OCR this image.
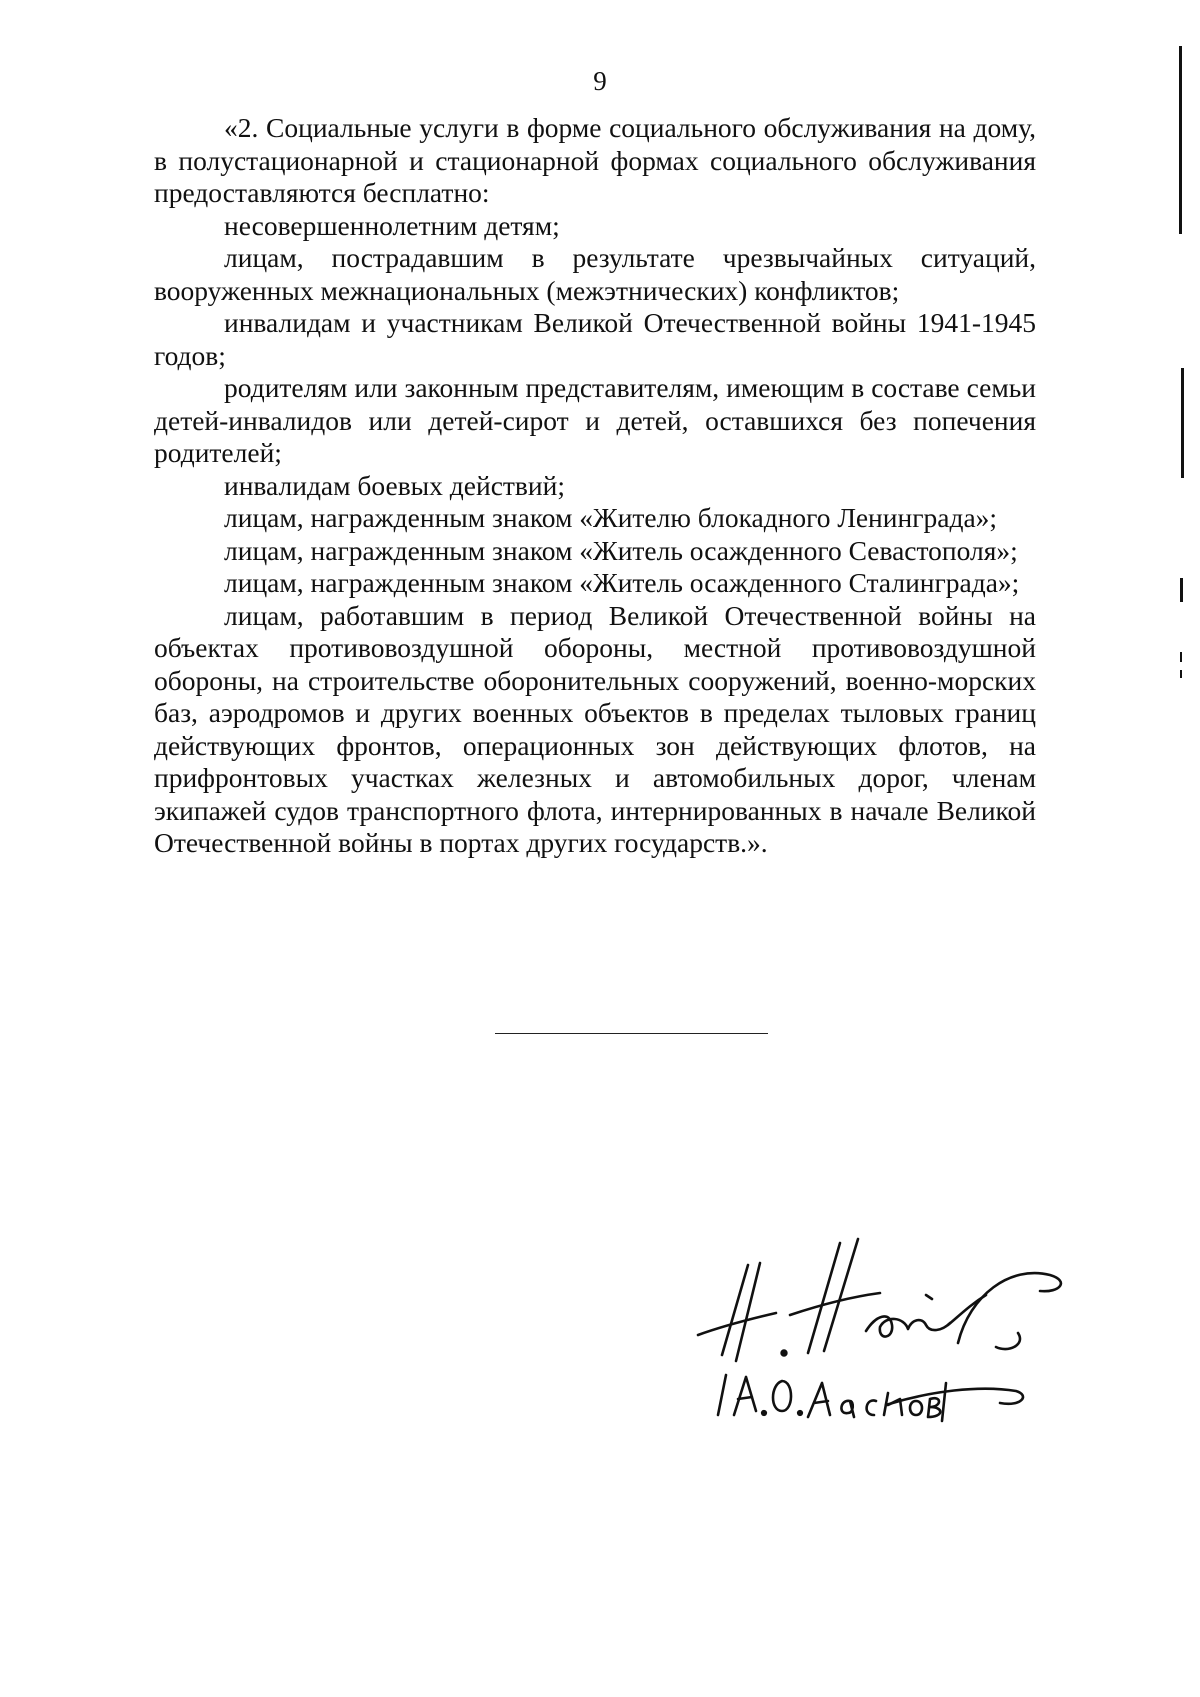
9

«2. Социальные услуги в форме социального обслуживания на дому, в полустационарной и стационарной формах социального обслуживания предоставляются бесплатно:

несовершеннолетним детям;

лицам, пострадавшим в результате чрезвычайных ситуаций, вооруженных межнациональных (межэтнических) конфликтов;

инвалидам и участникам Великой Отечественной войны 1941-1945 годов;

родителям или законным представителям, имеющим в составе семьи детей-инвалидов или детей-сирот и детей, оставшихся без попечения родителей;

инвалидам боевых действий;

лицам, награжденным знаком «Жителю блокадного Ленинграда»;

лицам, награжденным знаком «Житель осажденного Севастополя»;

лицам, награжденным знаком «Житель осажденного Сталинграда»;

лицам, работавшим в период Великой Отечественной войны на объектах противовоздушной обороны, местной противовоздушной обороны, на строительстве оборонительных сооружений, военно-морских баз, аэродромов и других военных объектов в пределах тыловых границ действующих фронтов, операционных зон действующих флотов, на прифронтовых участках железных и автомобильных дорог, членам экипажей судов транспортного флота, интернированных в начале Великой Отечественной войны в портах других государств.».
